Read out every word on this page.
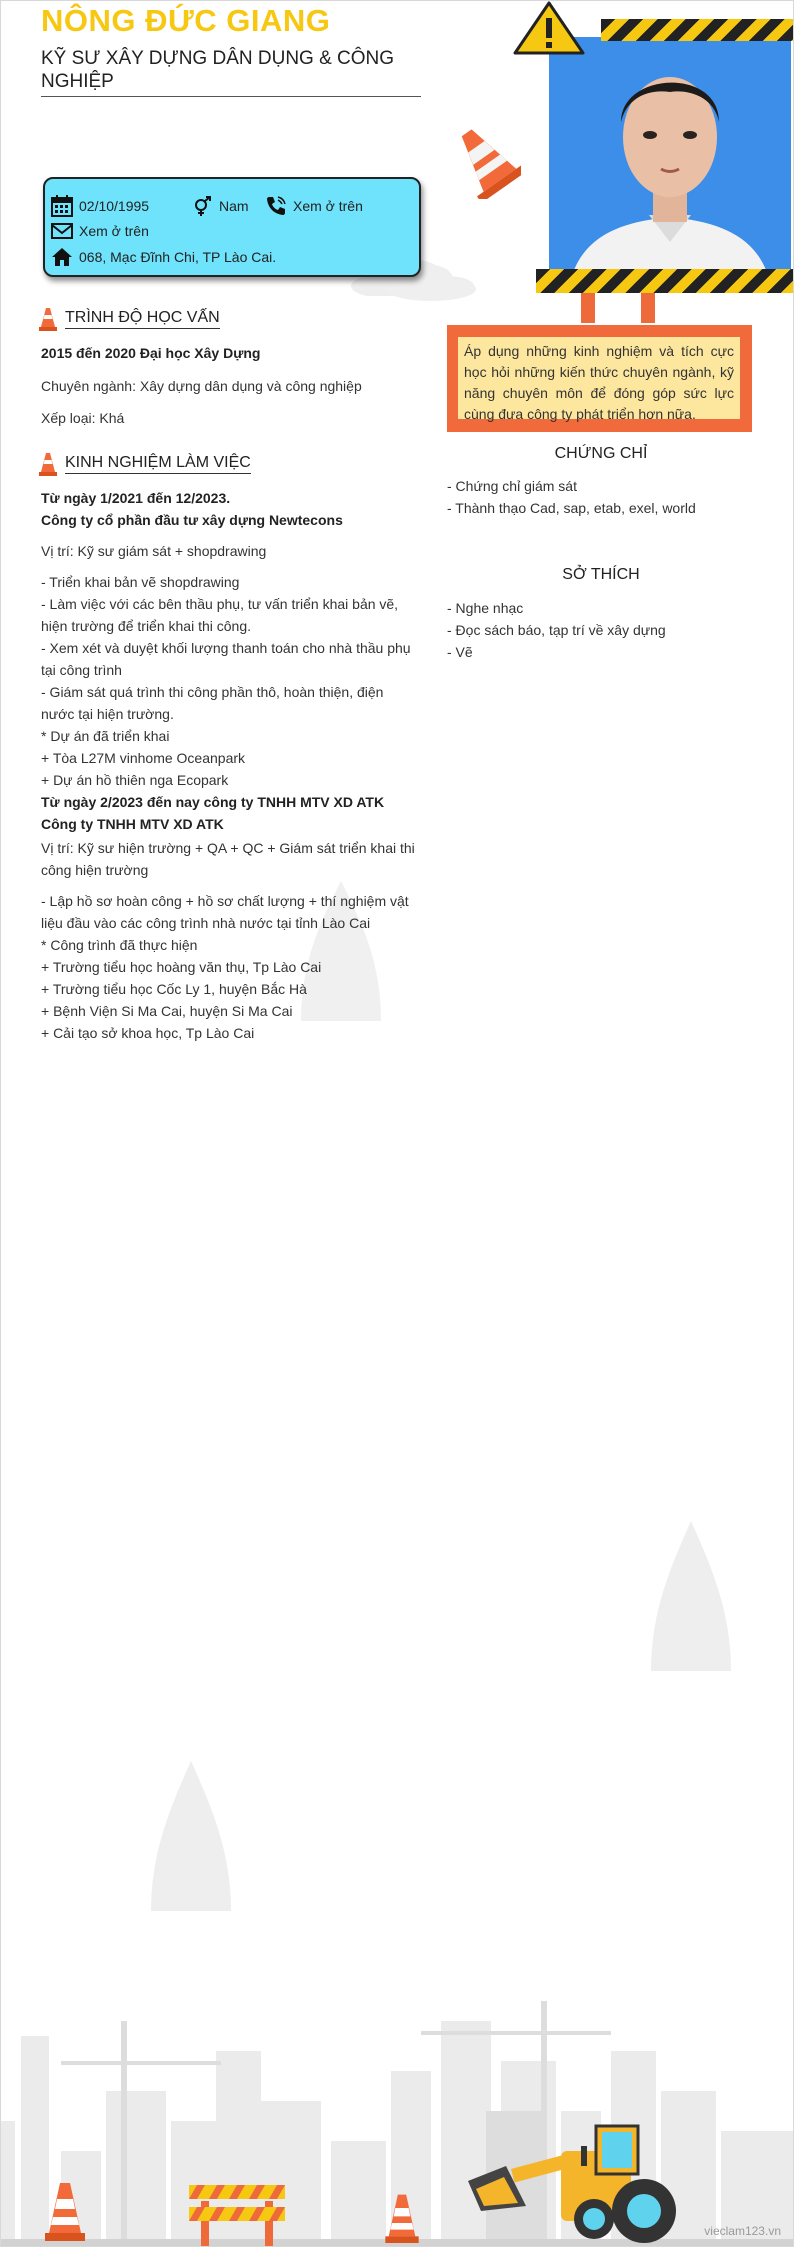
NÔNG ĐỨC GIANG
KỸ SƯ XÂY DỰNG DÂN DỤNG & CÔNG NGHIỆP
02/10/1995	Nam	Xem ở trên
Xem ở trên
068, Mạc Đĩnh Chi, TP Lào Cai.
Áp dụng những kinh nghiệm và tích cực học hỏi những kiến thức chuyên ngành, kỹ năng chuyên môn để đóng góp sức lực cùng đưa công ty phát triển hơn nữa.
TRÌNH ĐỘ HỌC VẤN
2015 đến 2020 Đại học Xây Dựng
Chuyên ngành: Xây dựng dân dụng và công nghiệp
Xếp loại: Khá
KINH NGHIỆM LÀM VIỆC
Từ ngày 1/2021 đến 12/2023.
Công ty cổ phần đầu tư xây dựng Newtecons
Vị trí: Kỹ sư giám sát + shopdrawing
- Triển khai bản vẽ shopdrawing
- Làm việc với các bên thầu phụ, tư vấn triển khai bản vẽ,
hiện trường để triển khai thi công.
- Xem xét và duyệt khối lượng thanh toán cho nhà thầu phụ
tại công trình
- Giám sát quá trình thi công phần thô, hoàn thiện, điện
nước tại hiện trường.
* Dự án đã triển khai
+ Tòa L27M vinhome Oceanpark
+ Dự án hồ thiên nga Ecopark
Từ ngày 2/2023 đến nay công ty TNHH MTV XD ATK
Công ty TNHH MTV XD ATK
Vị trí: Kỹ sư hiện trường + QA + QC + Giám sát triển khai thi
công hiện trường
- Lập hồ sơ hoàn công + hồ sơ chất lượng + thí nghiệm vật
liệu đầu vào các công trình nhà nước tại tỉnh Lào Cai
* Công trình đã thực hiện
+ Trường tiểu học hoàng văn thụ, Tp Lào Cai
+ Trường tiểu học Cốc Ly 1, huyện Bắc Hà
+ Bệnh Viện Si Ma Cai, huyện Si Ma Cai
+ Cải tạo sở khoa học, Tp Lào Cai
CHỨNG CHỈ
- Chứng chỉ giám sát
- Thành thạo Cad, sap, etab, exel, world
SỞ THÍCH
- Nghe nhạc
- Đọc sách báo, tạp trí về xây dựng
- Vẽ
vieclam123.vn
